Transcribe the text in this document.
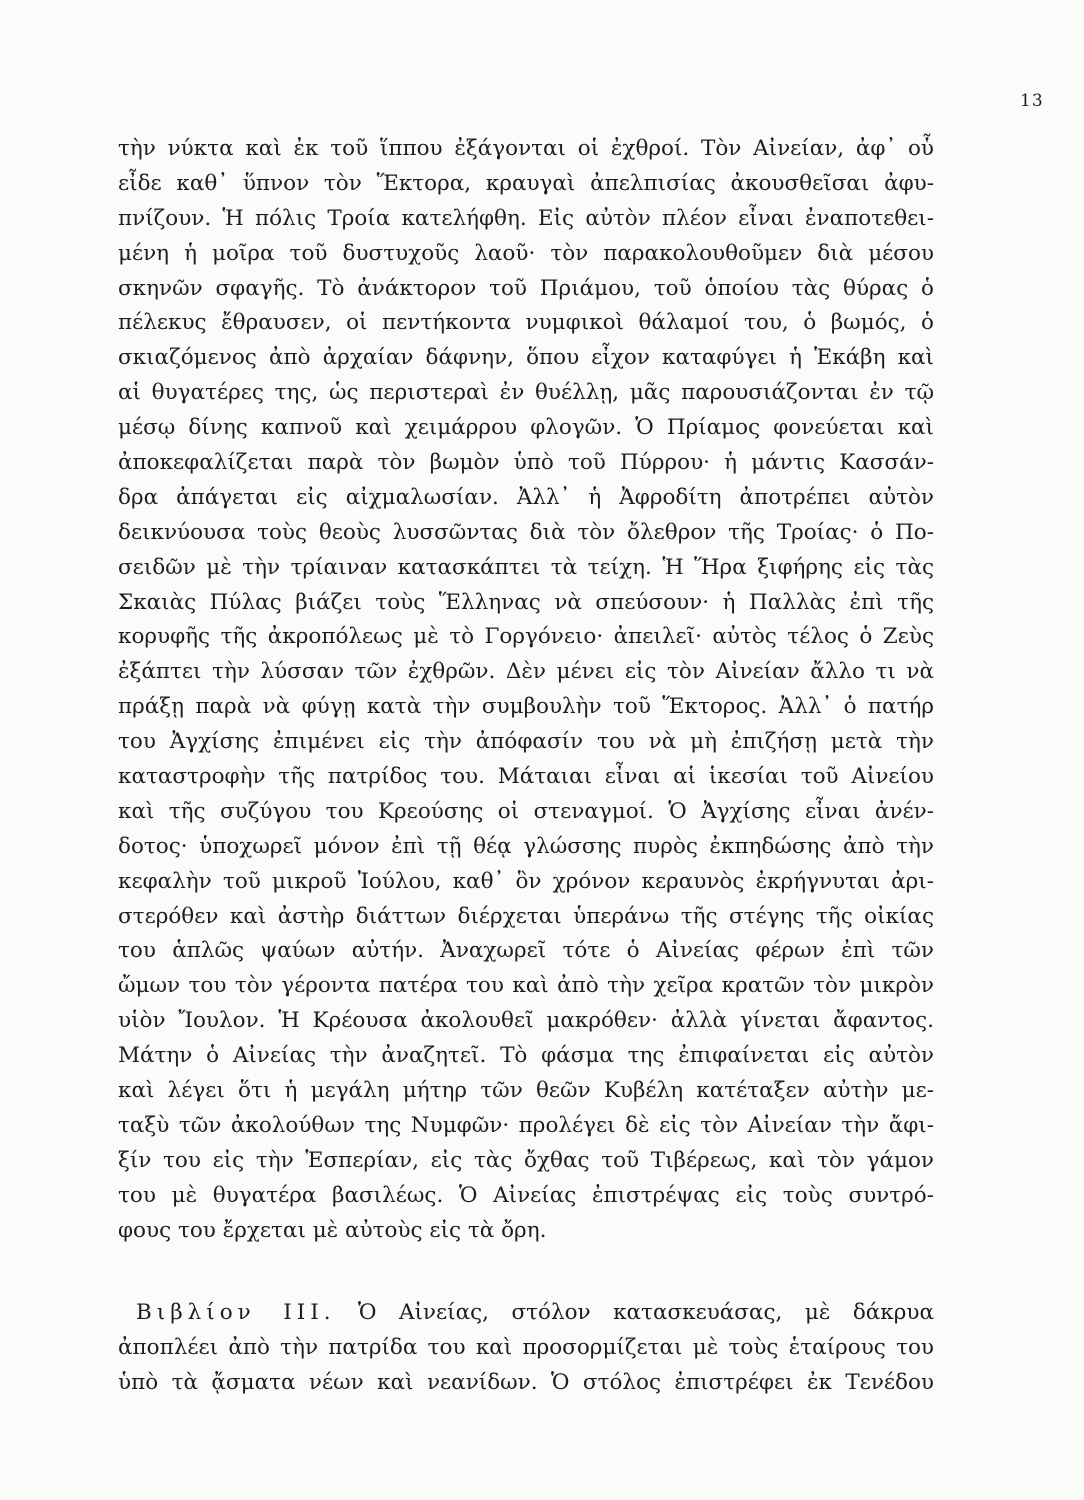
13
τὴν νύκτα καὶ ἐκ τοῦ ἵππου ἐξάγονται οἱ ἐχθροί. Τὸν Αἰνείαν, ἀφ᾽ οὗ
εἶδε καθ᾽ ὕπνον τὸν Ἕκτορα, κραυγαὶ ἀπελπισίας ἀκουσθεῖσαι ἀφυ-
πνίζουν. Ἡ πόλις Τροία κατελήφθη. Εἰς αὐτὸν πλέον εἶναι ἐναποτεθει-
μένη ἡ μοῖρα τοῦ δυστυχοῦς λαοῦ· τὸν παρακολουθοῦμεν διὰ μέσου
σκηνῶν σφαγῆς. Τὸ ἀνάκτορον τοῦ Πριάμου, τοῦ ὁποίου τὰς θύρας ὁ
πέλεκυς ἔθραυσεν, οἱ πεντήκοντα νυμφικοὶ θάλαμοί του, ὁ βωμός, ὁ
σκιαζόμενος ἀπὸ ἀρχαίαν δάφνην, ὅπου εἶχον καταφύγει ἡ Ἑκάβη καὶ
αἱ θυγατέρες της, ὡς περιστεραὶ ἐν θυέλλῃ, μᾶς παρουσιάζονται ἐν τῷ
μέσῳ δίνης καπνοῦ καὶ χειμάρρου φλογῶν. Ὁ Πρίαμος φονεύεται καὶ
ἀποκεφαλίζεται παρὰ τὸν βωμὸν ὑπὸ τοῦ Πύρρου· ἡ μάντις Κασσάν-
δρα ἀπάγεται εἰς αἰχμαλωσίαν. Ἀλλ᾽ ἡ Ἀφροδίτη ἀποτρέπει αὐτὸν
δεικνύουσα τοὺς θεοὺς λυσσῶντας διὰ τὸν ὄλεθρον τῆς Τροίας· ὁ Πο-
σειδῶν μὲ τὴν τρίαιναν κατασκάπτει τὰ τείχη. Ἡ Ἥρα ξιφήρης εἰς τὰς
Σκαιὰς Πύλας βιάζει τοὺς Ἕλληνας νὰ σπεύσουν· ἡ Παλλὰς ἐπὶ τῆς
κορυφῆς τῆς ἀκροπόλεως μὲ τὸ Γοργόνειο· ἀπειλεῖ· αὐτὸς τέλος ὁ Ζεὺς
ἐξάπτει τὴν λύσσαν τῶν ἐχθρῶν. Δὲν μένει εἰς τὸν Αἰνείαν ἄλλο τι νὰ
πράξῃ παρὰ νὰ φύγῃ κατὰ τὴν συμβουλὴν τοῦ Ἕκτορος. Ἀλλ᾽ ὁ πατήρ
του Ἀγχίσης ἐπιμένει εἰς τὴν ἀπόφασίν του νὰ μὴ ἐπιζήσῃ μετὰ τὴν
καταστροφὴν τῆς πατρίδος του. Μάταιαι εἶναι αἱ ἱκεσίαι τοῦ Αἰνείου
καὶ τῆς συζύγου του Κρεούσης οἱ στεναγμοί. Ὁ Ἀγχίσης εἶναι ἀνέν-
δοτος· ὑποχωρεῖ μόνον ἐπὶ τῇ θέᾳ γλώσσης πυρὸς ἐκπηδώσης ἀπὸ τὴν
κεφαλὴν τοῦ μικροῦ Ἰούλου, καθ᾽ ὃν χρόνον κεραυνὸς ἐκρήγνυται ἀρι-
στερόθεν καὶ ἀστὴρ διάττων διέρχεται ὑπεράνω τῆς στέγης τῆς οἰκίας
του ἁπλῶς ψαύων αὐτήν. Ἀναχωρεῖ τότε ὁ Αἰνείας φέρων ἐπὶ τῶν
ὤμων του τὸν γέροντα πατέρα του καὶ ἀπὸ τὴν χεῖρα κρατῶν τὸν μικρὸν
υἱὸν Ἴουλον. Ἡ Κρέουσα ἀκολουθεῖ μακρόθεν· ἀλλὰ γίνεται ἄφαντος.
Μάτην ὁ Αἰνείας τὴν ἀναζητεῖ. Τὸ φάσμα της ἐπιφαίνεται εἰς αὐτὸν
καὶ λέγει ὅτι ἡ μεγάλη μήτηρ τῶν θεῶν Κυβέλη κατέταξεν αὐτὴν με-
ταξὺ τῶν ἀκολούθων της Νυμφῶν· προλέγει δὲ εἰς τὸν Αἰνείαν τὴν ἄφι-
ξίν του εἰς τὴν Ἑσπερίαν, εἰς τὰς ὄχθας τοῦ Τιβέρεως, καὶ τὸν γάμον
του μὲ θυγατέρα βασιλέως. Ὁ Αἰνείας ἐπιστρέψας εἰς τοὺς συντρό-
φους του ἔρχεται μὲ αὐτοὺς εἰς τὰ ὄρη.
Βιβλίον III. Ὁ Αἰνείας, στόλον κατασκευάσας, μὲ δάκρυα
ἀποπλέει ἀπὸ τὴν πατρίδα του καὶ προσορμίζεται μὲ τοὺς ἑταίρους του
ὑπὸ τὰ ᾄσματα νέων καὶ νεανίδων. Ὁ στόλος ἐπιστρέφει ἐκ Τενέδου
